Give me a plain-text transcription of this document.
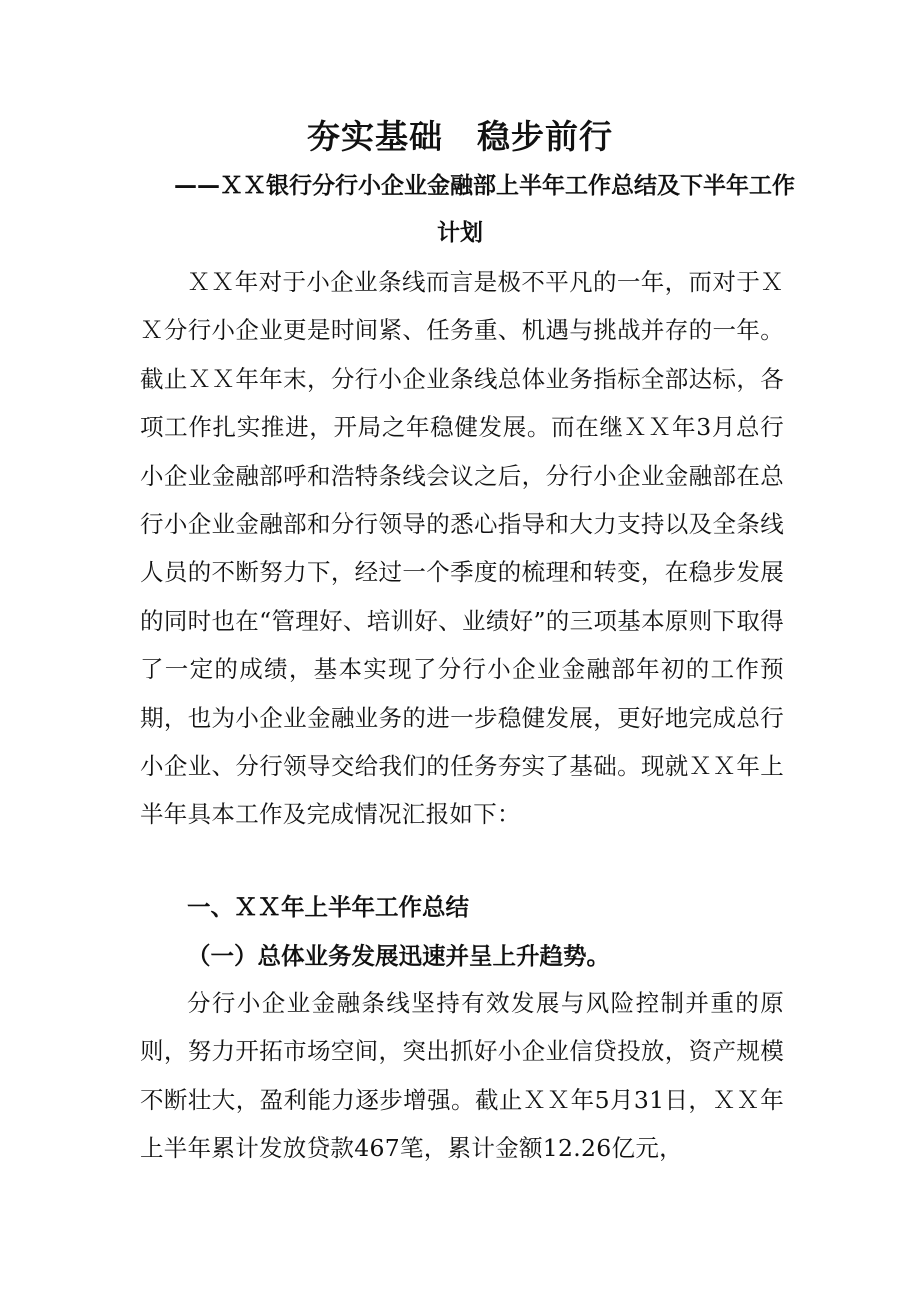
夯实基础　稳步前行
——ＸＸ银行分行小企业金融部上半年工作总结及下半年工作
计划

ＸＸ年对于小企业条线而言是极不平凡的一年，而对于ＸＸ分行小企业更是时间紧、任务重、机遇与挑战并存的一年。截止ＸＸ年年末，分行小企业条线总体业务指标全部达标，各项工作扎实推进，开局之年稳健发展。而在继ＸＸ年3月总行小企业金融部呼和浩特条线会议之后，分行小企业金融部在总行小企业金融部和分行领导的悉心指导和大力支持以及全条线人员的不断努力下，经过一个季度的梳理和转变，在稳步发展的同时也在“管理好、培训好、业绩好”的三项基本原则下取得了一定的成绩，基本实现了分行小企业金融部年初的工作预期，也为小企业金融业务的进一步稳健发展，更好地完成总行小企业、分行领导交给我们的任务夯实了基础。现就ＸＸ年上半年具本工作及完成情况汇报如下：

一、ＸＸ年上半年工作总结
（一）总体业务发展迅速并呈上升趋势。

分行小企业金融条线坚持有效发展与风险控制并重的原则，努力开拓市场空间，突出抓好小企业信贷投放，资产规模不断壮大，盈利能力逐步增强。截止ＸＸ年5月31日，ＸＸ年上半年累计发放贷款467笔，累计金额12.26亿元，
